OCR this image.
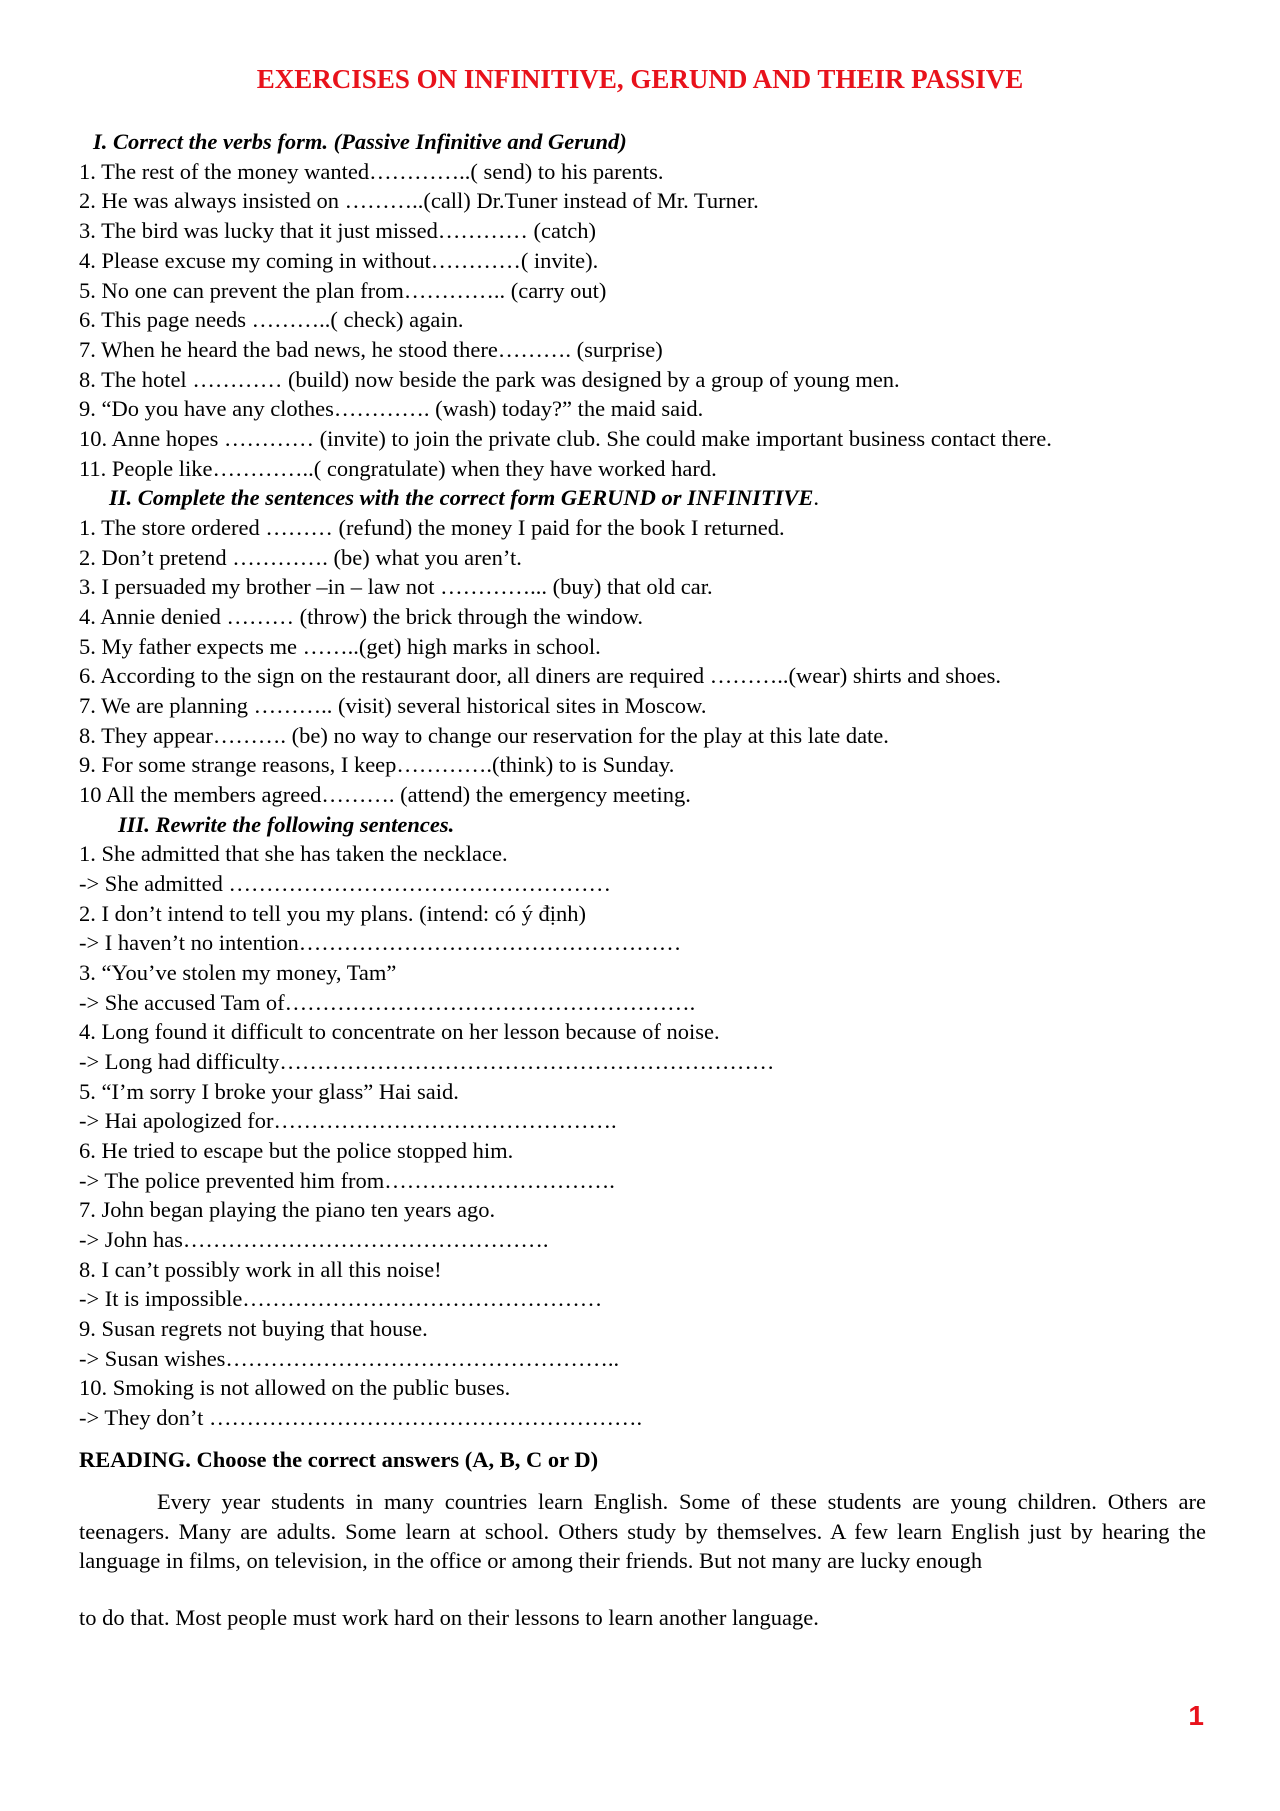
EXERCISES ON INFINITIVE, GERUND AND THEIR PASSIVE
I. Correct the verbs form. (Passive Infinitive and Gerund)
1. The rest of the money wanted…………..( send) to his parents.
2. He was always insisted on ………..(call) Dr.Tuner instead of Mr. Turner.
3. The bird was lucky that it just missed………… (catch)
4. Please excuse my coming in without…………( invite).
5. No one can prevent the plan from………….. (carry out)
6. This page needs ………..( check) again.
7. When he heard the bad news, he stood there………. (surprise)
8. The hotel ………… (build) now beside the park was designed by a group of young men.
9. “Do you have any clothes…………. (wash) today?” the maid said.
10. Anne hopes ………… (invite) to join the private club. She could make important business contact there.
11. People like…………..( congratulate) when they have worked hard.
II. Complete the sentences with the correct form GERUND or INFINITIVE.
1. The store ordered ……… (refund) the money I paid for the book I returned.
2. Don’t pretend …………. (be) what you aren’t.
3. I persuaded my brother –in – law not …………... (buy) that old car.
4. Annie denied ……… (throw) the brick through the window.
5. My father expects me ……..(get) high marks in school.
6. According to the sign on the restaurant door, all diners are required ………..(wear) shirts and shoes.
7. We are planning ……….. (visit) several historical sites in Moscow.
8. They appear………. (be) no way to change our reservation for the play at this late date.
9. For some strange reasons, I keep………….(think) to is Sunday.
10 All the members agreed………. (attend) the emergency meeting.
III. Rewrite the following sentences.
1. She admitted that she has taken the necklace.
-> She admitted ……………………………………………
2. I don’t intend to tell you my plans. (intend: có ý định)
-> I haven’t no intention……………………………………………
3. “You’ve stolen my money, Tam”
-> She accused Tam of……………………………………………….
4. Long found it difficult to concentrate on her lesson because of noise.
-> Long had difficulty…………………………………………………………
5. “I’m sorry I broke your glass” Hai said.
-> Hai apologized for……………………………………….
6. He tried to escape but the police stopped him.
-> The police prevented him from………………………….
7. John began playing the piano ten years ago.
-> John has………………………………………….
8. I can’t possibly work in all this noise!
-> It is impossible…………………………………………
9. Susan regrets not buying that house.
-> Susan wishes……………………………………………..
10. Smoking is not allowed on the public buses.
-> They don’t ………………………………………………….
READING. Choose the correct answers (A, B, C or D)
Every year students in many countries learn English. Some of these students are young children. Others are teenagers. Many are adults. Some learn at school. Others study by themselves. A few learn English just by hearing the language in films, on television, in the office or among their friends. But not many are lucky enough
to do that. Most people must work hard on their lessons to learn another language.
1
